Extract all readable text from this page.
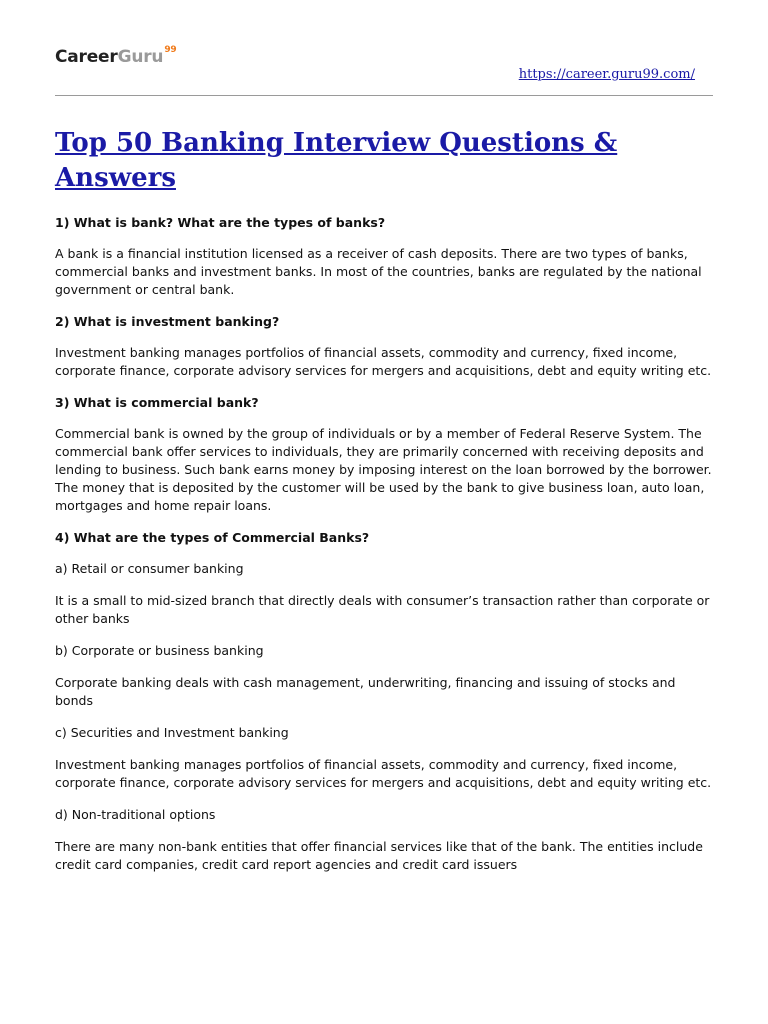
CareerGuru$^{99}$
https://career.guru99.com/
Top 50 Banking Interview Questions & Answers
1) What is bank? What are the types of banks?
A bank is a financial institution licensed as a receiver of cash deposits. There are two types of banks, commercial banks and investment banks. In most of the countries, banks are regulated by the national government or central bank.
2) What is investment banking?
Investment banking manages portfolios of financial assets, commodity and currency, fixed income, corporate finance, corporate advisory services for mergers and acquisitions, debt and equity writing etc.
3) What is commercial bank?
Commercial bank is owned by the group of individuals or by a member of Federal Reserve System. The commercial bank offer services to individuals, they are primarily concerned with receiving deposits and lending to business. Such bank earns money by imposing interest on the loan borrowed by the borrower. The money that is deposited by the customer will be used by the bank to give business loan, auto loan, mortgages and home repair loans.
4) What are the types of Commercial Banks?
a) Retail or consumer banking
It is a small to mid-sized branch that directly deals with consumer’s transaction rather than corporate or other banks
b) Corporate or business banking
Corporate banking deals with cash management, underwriting, financing and issuing of stocks and bonds
c) Securities and Investment banking
Investment banking manages portfolios of financial assets, commodity and currency, fixed income, corporate finance, corporate advisory services for mergers and acquisitions, debt and equity writing etc.
d) Non-traditional options
There are many non-bank entities that offer financial services like that of the bank. The entities include credit card companies, credit card report agencies and credit card issuers
